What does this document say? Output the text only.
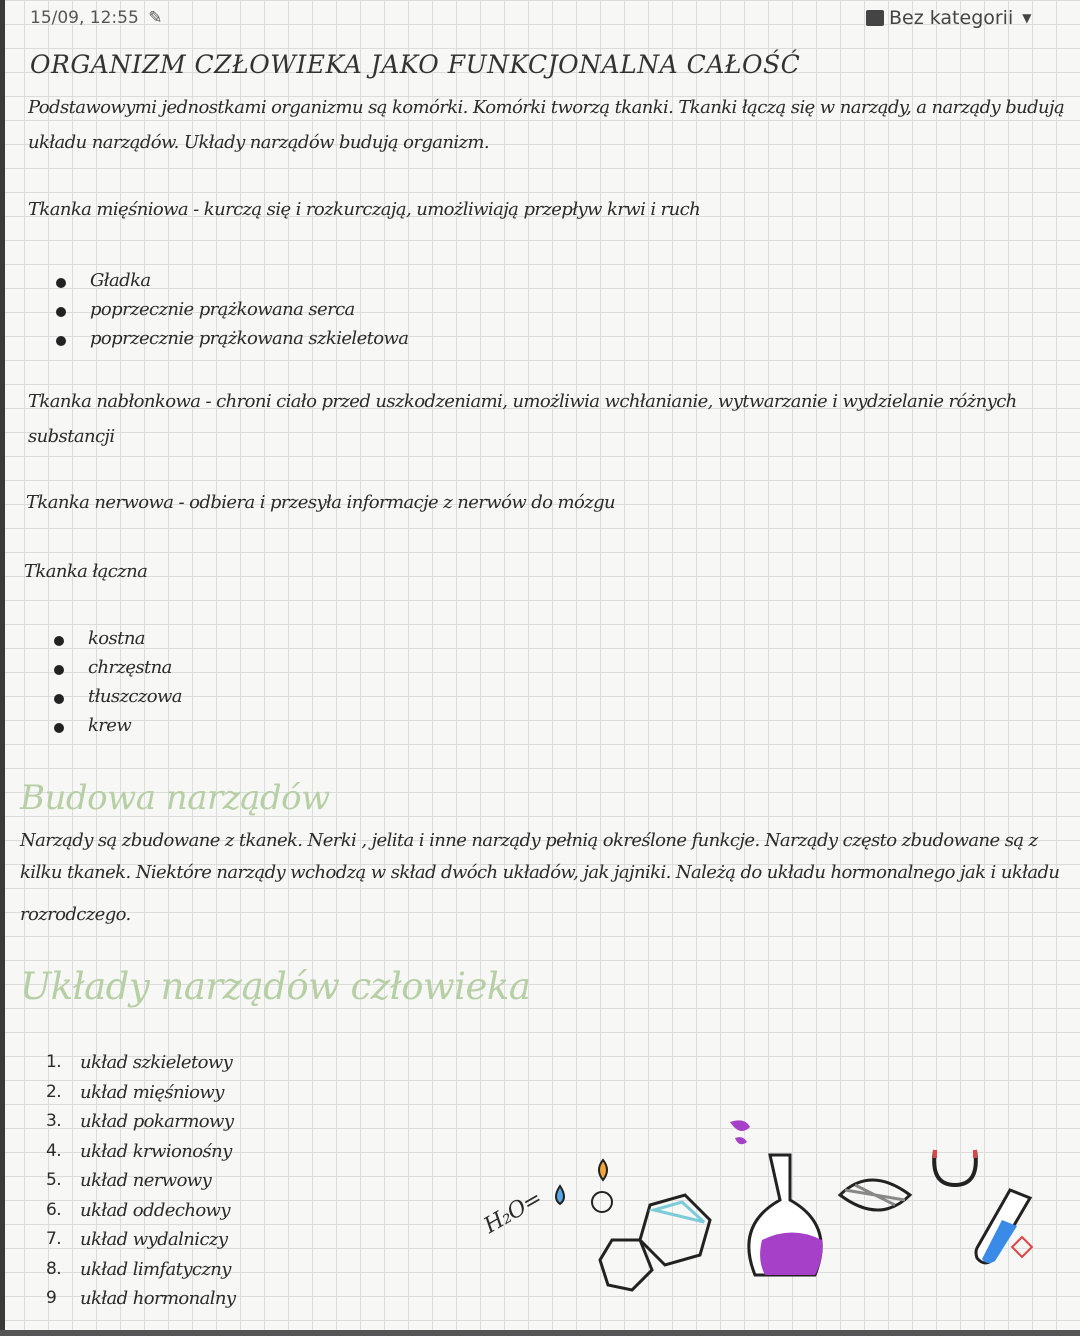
15/09, 12:55 ✎	Bez kategorii ▼
ORGANIZM CZŁOWIEKA JAKO FUNKCJONALNA CAŁOŚĆ
Podstawowymi jednostkami organizmu są komórki. Komórki tworzą tkanki. Tkanki łączą się w narządy, a narządy budują
układu narządów. Układy narządów budują organizm.
Tkanka mięśniowa - kurczą się i rozkurczają, umożliwiają przepływ krwi i ruch
Gładka
poprzecznie prążkowana serca
poprzecznie prążkowana szkieletowa
Tkanka nabłonkowa - chroni ciało przed uszkodzeniami, umożliwia wchłanianie, wytwarzanie i wydzielanie różnych
substancji
Tkanka nerwowa - odbiera i przesyła informacje z nerwów do mózgu
Tkanka łączna
kostna
chrzęstna
tłuszczowa
krew
Budowa narządów
Narządy są zbudowane z tkanek. Nerki , jelita i inne narządy pełnią określone funkcje. Narządy często zbudowane są z
kilku tkanek. Niektóre narządy wchodzą w skład dwóch układów, jak jajniki. Należą do układu hormonalnego jak i układu
rozrodczego.
Układy narządów człowieka
1.	układ szkieletowy
2.	układ mięśniowy
3.	układ pokarmowy
4.	układ krwionośny
5.	układ nerwowy
6.	układ oddechowy
7.	układ wydalniczy
8.	układ limfatyczny
9	układ hormonalny
H₂O=
